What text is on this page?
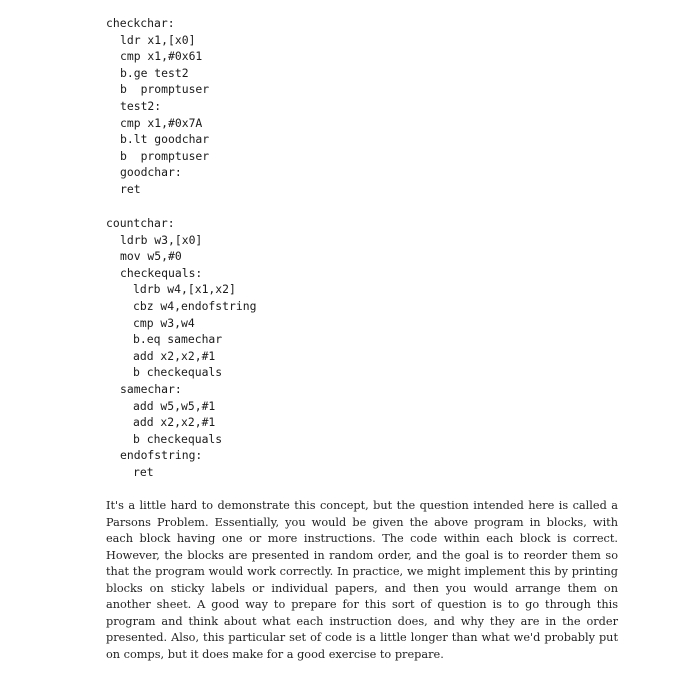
checkchar:
ldr x1,[x0]
cmp x1,#0x61
b.ge test2
b  promptuser
test2:
cmp x1,#0x7A
b.lt goodchar
b  promptuser
goodchar:
ret
countchar:
ldrb w3,[x0]
mov w5,#0
checkequals:
ldrb w4,[x1,x2]
cbz w4,endofstring
cmp w3,w4
b.eq samechar
add x2,x2,#1
b checkequals
samechar:
add w5,w5,#1
add x2,x2,#1
b checkequals
endofstring:
ret

It's a little hard to demonstrate this concept, but the question intended here is called a Parsons Problem. Essentially, you would be given the above program in blocks, with each block having one or more instructions. The code within each block is correct. However, the blocks are presented in random order, and the goal is to reorder them so that the program would work correctly. In practice, we might implement this by printing blocks on sticky labels or individual papers, and then you would arrange them on another sheet. A good way to prepare for this sort of question is to go through this program and think about what each instruction does, and why they are in the order presented. Also, this particular set of code is a little longer than what we'd probably put on comps, but it does make for a good exercise to prepare.
